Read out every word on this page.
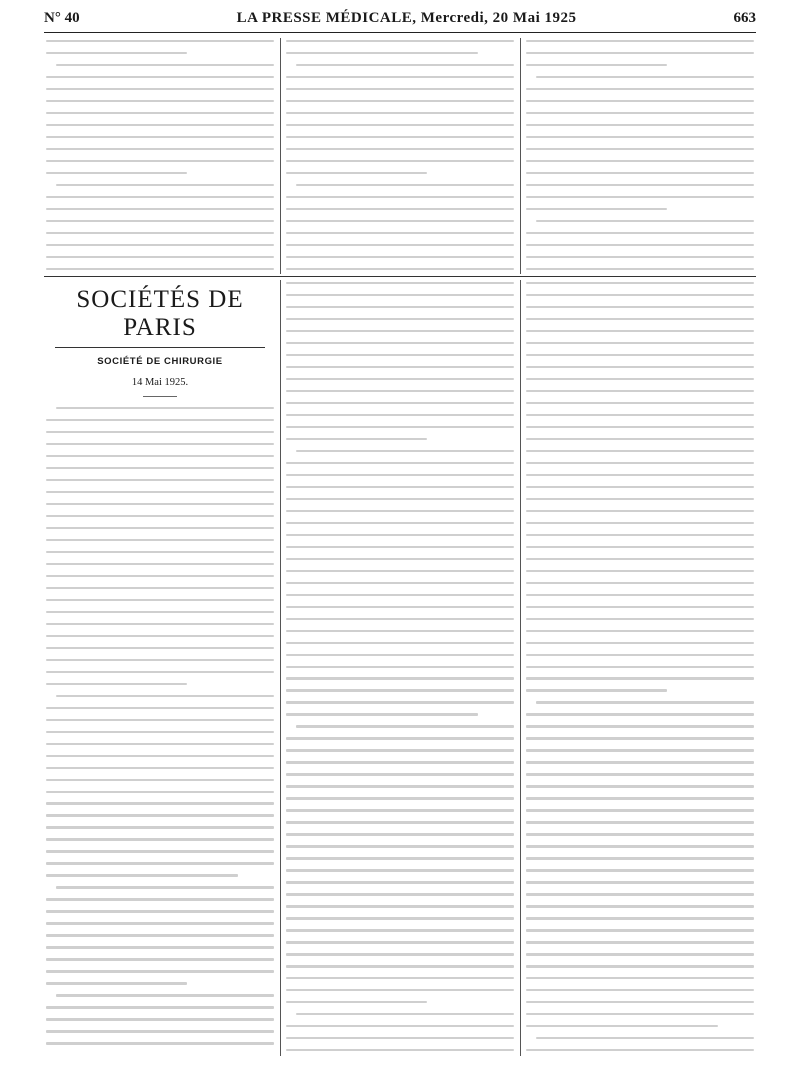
N° 40	LA PRESSE MÉDICALE, Mercredi, 20 Mai 1925	663
SOCIÉTÉS DE PARIS
SOCIÉTÉ DE CHIRURGIE
14 Mai 1925.
